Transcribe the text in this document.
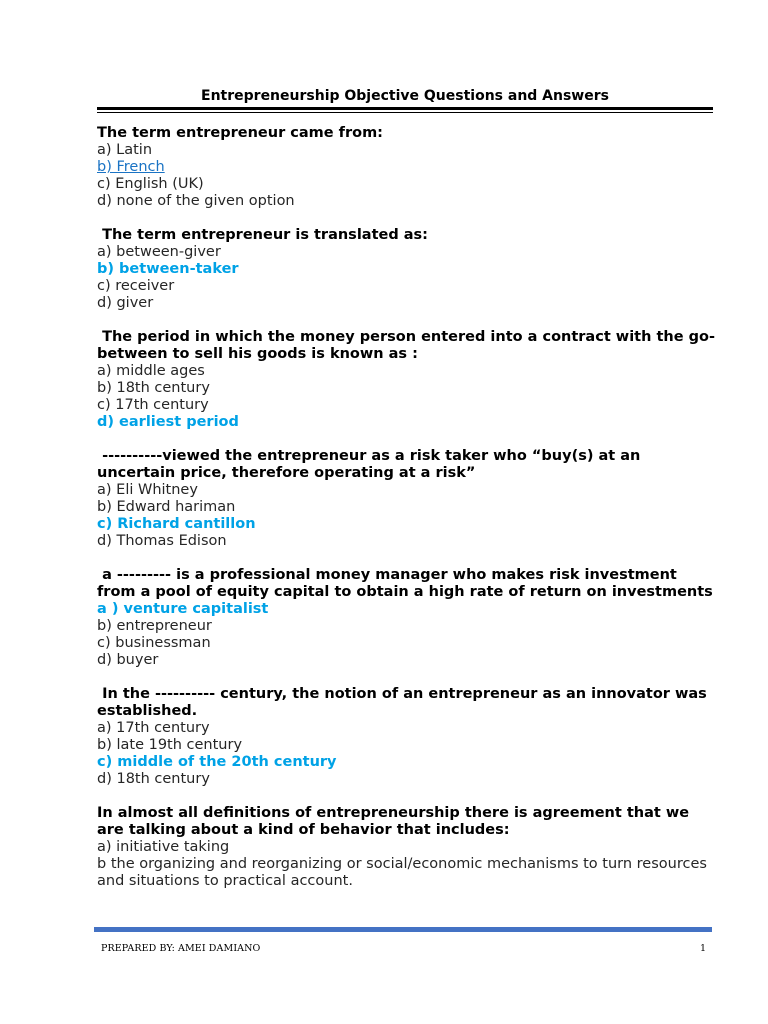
Entrepreneurship Objective Questions and Answers

The term entrepreneur came from:

a) Latin

b) French

c) English (UK)

d) none of the given option

The term entrepreneur is translated as:

a) between-giver

b) between-taker

c) receiver

d) giver

The period in which the money person entered into a contract with the go-between to sell his goods is known as :

a) middle ages

b) 18th century

c) 17th century

d) earliest period

----------viewed the entrepreneur as a risk taker who “buy(s) at an uncertain price, therefore operating at a risk”

a) Eli Whitney

b) Edward hariman

c) Richard cantillon

d) Thomas Edison

a --------- is a professional money manager who makes risk investment from a pool of equity capital to obtain a high rate of return on investments

a ) venture capitalist

b) entrepreneur

c) businessman

d) buyer

In the ---------- century, the notion of an entrepreneur as an innovator was established.

a) 17th century

b) late 19th century

c) middle of the 20th century

d) 18th century

In almost all definitions of entrepreneurship there is agreement that we are talking about a kind of behavior that includes:

a) initiative taking

b the organizing and reorganizing or social/economic mechanisms to turn resources and situations to practical account.

PREPARED BY: AMEI DAMIANO	1
